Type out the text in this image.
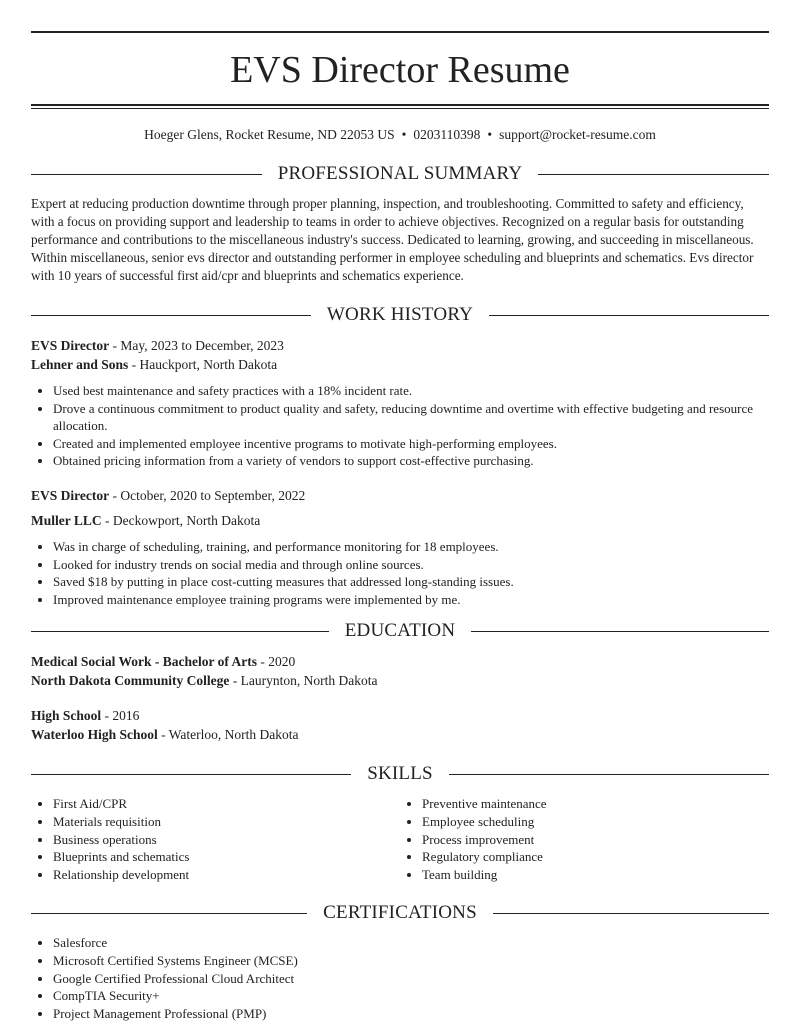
EVS Director Resume
Hoeger Glens, Rocket Resume, ND 22053 US • 0203110398 • support@rocket-resume.com
PROFESSIONAL SUMMARY

Expert at reducing production downtime through proper planning, inspection, and troubleshooting. Committed to safety and efficiency, with a focus on providing support and leadership to teams in order to achieve objectives. Recognized on a regular basis for outstanding performance and contributions to the miscellaneous industry's success. Dedicated to learning, growing, and succeeding in miscellaneous. Within miscellaneous, senior evs director and outstanding performer in employee scheduling and blueprints and schematics. Evs director with 10 years of successful first aid/cpr and blueprints and schematics experience.

WORK HISTORY
EVS Director - May, 2023 to December, 2023
Lehner and Sons - Hauckport, North Dakota
• Used best maintenance and safety practices with a 18% incident rate.
• Drove a continuous commitment to product quality and safety, reducing downtime and overtime with effective budgeting and resource allocation.
• Created and implemented employee incentive programs to motivate high-performing employees.
• Obtained pricing information from a variety of vendors to support cost-effective purchasing.
EVS Director - October, 2020 to September, 2022
Muller LLC - Deckowport, North Dakota
• Was in charge of scheduling, training, and performance monitoring for 18 employees.
• Looked for industry trends on social media and through online sources.
• Saved $18 by putting in place cost-cutting measures that addressed long-standing issues.
• Improved maintenance employee training programs were implemented by me.
EDUCATION
Medical Social Work - Bachelor of Arts - 2020
North Dakota Community College - Laurynton, North Dakota
High School - 2016
Waterloo High School - Waterloo, North Dakota
SKILLS
• First Aid/CPR
• Materials requisition
• Business operations
• Blueprints and schematics
• Relationship development
• Preventive maintenance
• Employee scheduling
• Process improvement
• Regulatory compliance
• Team building
CERTIFICATIONS
• Salesforce
• Microsoft Certified Systems Engineer (MCSE)
• Google Certified Professional Cloud Architect
• CompTIA Security+
• Project Management Professional (PMP)
